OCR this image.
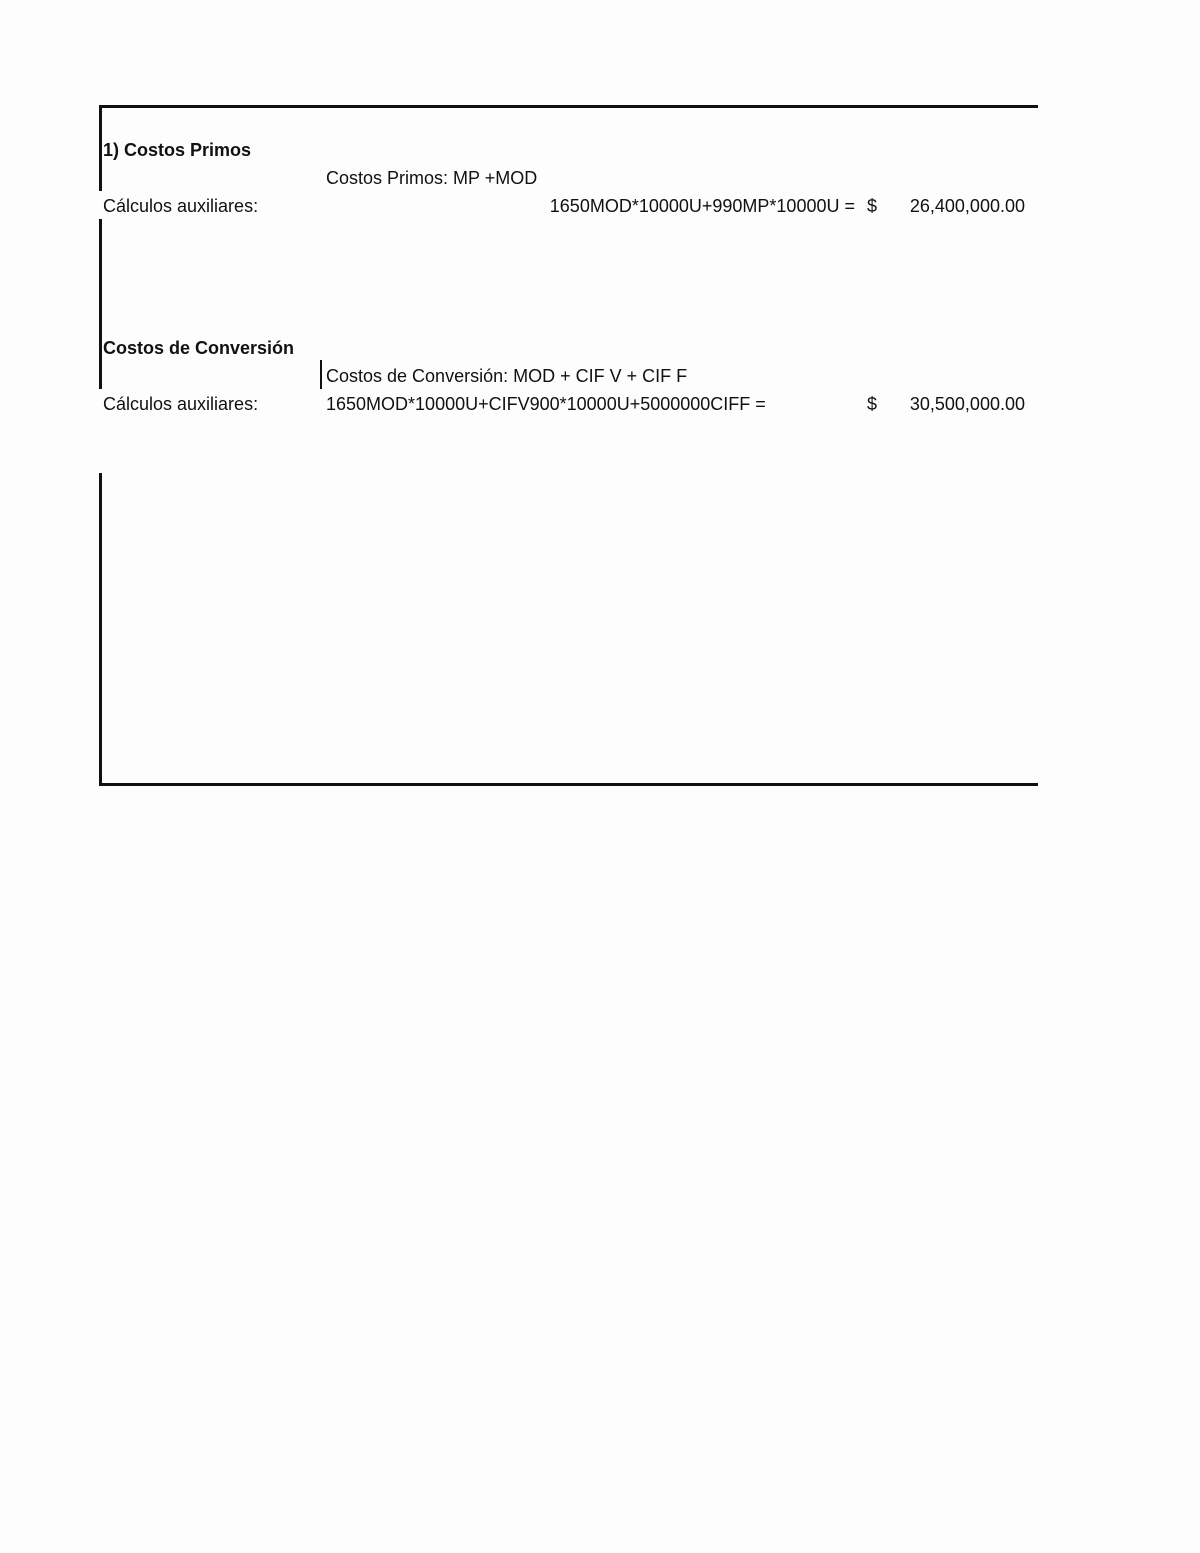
1) Costos Primos
Costos Primos: MP +MOD
Cálculos auxiliares:	1650MOD*10000U+990MP*10000U = $	26,400,000.00
Costos de Conversión
Costos de Conversión: MOD + CIF V + CIF F
Cálculos auxiliares:	1650MOD*10000U+CIFV900*10000U+5000000CIFF =	$	30,500,000.00
